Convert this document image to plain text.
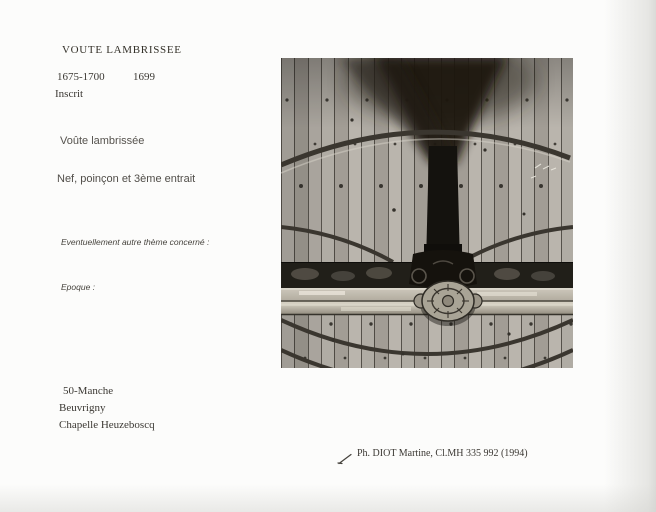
VOUTE LAMBRISSEE
1675-1700	1699
Inscrit
Voûte lambrissée
Nef, poinçon et 3ème entrait
Eventuellement autre thème concerné :
Epoque :
50-Manche
Beuvrigny
Chapelle Heuzeboscq
Ph. DIOT Martine, Cl.MH 335 992 (1994)
